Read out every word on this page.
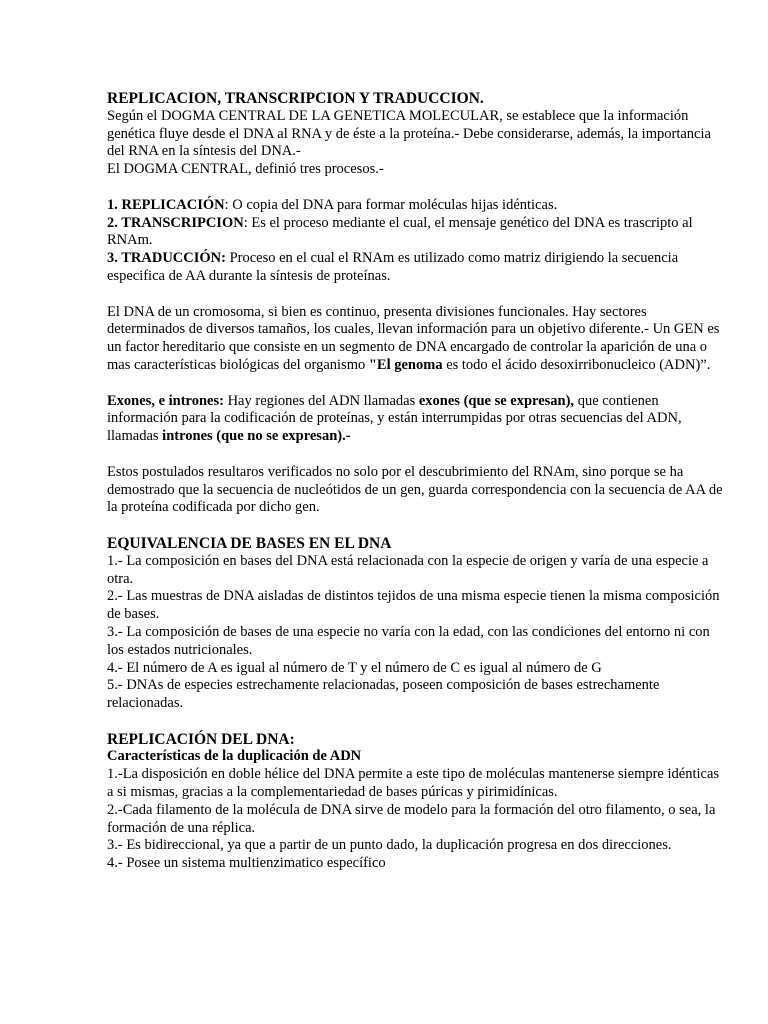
REPLICACION, TRANSCRIPCION Y TRADUCCION.
Según el DOGMA CENTRAL DE LA GENETICA MOLECULAR, se establece que la información genética fluye desde el DNA al RNA y de éste a la proteína.- Debe considerarse, además, la importancia del RNA en la síntesis del DNA.-
El DOGMA CENTRAL, definió tres procesos.-
1. REPLICACIÓN: O copia del DNA para formar moléculas hijas idénticas.
2. TRANSCRIPCION: Es el proceso mediante el cual, el mensaje genético del DNA es trascripto al RNAm.
3. TRADUCCIÓN: Proceso en el cual el RNAm es utilizado como matriz dirigiendo la secuencia especifica de AA durante la síntesis de proteínas.
El DNA de un cromosoma, si bien es continuo, presenta divisiones funcionales. Hay sectores determinados de diversos tamaños, los cuales, llevan información para un objetivo diferente.- Un GEN es un factor hereditario que consiste en un segmento de DNA encargado de controlar la aparición de una o mas características biológicas del organismo "El genoma es todo el ácido desoxirribonucleico (ADN)”.
Exones, e intrones: Hay regiones del ADN llamadas exones (que se expresan), que contienen información para la codificación de proteínas, y están interrumpidas por otras secuencias del ADN, llamadas intrones (que no se expresan).-
Estos postulados resultaros verificados no solo por el descubrimiento del RNAm, sino porque se ha demostrado que la secuencia de nucleótidos de un gen, guarda correspondencia con la secuencia de AA de la proteína codificada por dicho gen.
EQUIVALENCIA DE BASES EN EL DNA
1.- La composición en bases del DNA está relacionada con la especie de origen y varía de una especie a otra.
2.- Las muestras de DNA aisladas de distintos tejidos de una misma especie tienen la misma composición de bases.
3.- La composición de bases de una especie no varía con la edad, con las condiciones del entorno ni con los estados nutricionales.
4.- El número de A es igual al número de T y el número de C es igual al número de G
5.- DNAs de especies estrechamente relacionadas, poseen composición de bases estrechamente relacionadas.
REPLICACIÓN DEL DNA:
Características de la duplicación de ADN
1.-La disposición en doble hélice del DNA permite a este tipo de moléculas mantenerse siempre idénticas a si mismas, gracias a la complementariedad de bases púricas y pirimidínicas.
2.-Cada filamento de la molécula de DNA sirve de modelo para la formación del otro filamento, o sea, la formación de una réplica.
3.- Es bidireccional, ya que a partir de un punto dado, la duplicación progresa en dos direcciones.
4.- Posee un sistema multienzimatico específico
